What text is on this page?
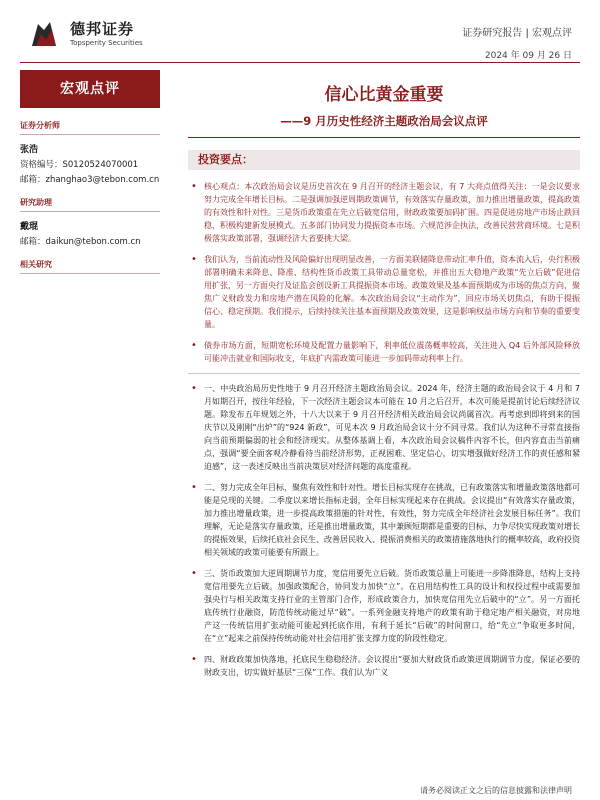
德邦证券
Topsperity Securities
证券研究报告 | 宏观点评
2024 年 09 月 26 日
宏观点评
证券分析师
张浩
资格编号：S0120524070001
邮箱：zhanghao3@tebon.com.cn
研究助理
戴琨
邮箱：daikun@tebon.com.cn
相关研究
信心比黄金重要
——9 月历史性经济主题政治局会议点评
投资要点：
• 核心观点：本次政治局会议是历史首次在 9 月召开的经济主题会议，有 7 大亮点值得关注：一是会议要求努力完成全年增长目标。二是强调加强逆周期政策调节，有效落实存量政策，加力推出增量政策，提高政策的有效性和针对性。三是货币政策重在先立后破宽信用，财政政策要加码扩围。四是促进房地产市场止跌回稳，积极构建新发展模式。五多部门协同发力提振资本市场。六规范涉企执法，改善民营营商环境。七是积极落实政策部署，强调经济大省要挑大梁。
• 我们认为，当前流动性及风险偏好出现明显改善，一方面美联储降息带动汇率升值，资本流入后，央行积极部署明确未来降息、降准、结构性货币政策工具带动总量宽松，并推出五大稳地产政策“先立后破”促进信用扩张，另一方面央行及证监会创设新工具提振资本市场。政策效果及基本面预期成为市场的焦点方向，聚焦广义财政发力和房地产潜在风险的化解。本次政治局会议“主动作为”，回应市场关切焦点，有助于提振信心、稳定预期。我们提示，后续持续关注基本面预期及政策效果，这是影响权益市场方向和节奏的重要变量。
• 债券市场方面，短期宽松环境及配置力量影响下，利率低位震荡概率较高，关注进入 Q4 后外部风险释放可能冲击就业和国际收支，年底扩内需政策可能进一步加码带动利率上行。
• 一、中央政治局历史性地于 9 月召开经济主题政治局会议。2024 年，经济主题的政治局会议于 4 月和 7 月如期召开，按往年经验，下一次经济主题会议本可能在 10 月之后召开，本次可能是提前讨论后续经济议题。除发布五年规划之外，十八大以来于 9 月召开经济相关政治局会议尚属首次。再考虑到即将到来的国庆节以及刚刚“出炉”的“924 新政”，可见本次 9 月政治局会议十分不同寻常。我们认为这种不寻常直接指向当前预期偏弱的社会和经济现实。从整体基调上看，本次政治局会议稿件内容不长，但内容直击当前痛点，强调“要全面客观冷静看待当前经济形势，正视困难、坚定信心，切实增强做好经济工作的责任感和紧迫感”，这一表述反映出当前决策层对经济问题的高度重视。
• 二、努力完成全年目标，聚焦有效性和针对性。增长目标实现存在挑战，已有政策落实和增量政策落地都可能是兑现的关键。二季度以来增长指标走弱，全年目标实现起来存在挑战。会议提出“有效落实存量政策，加力推出增量政策，进一步提高政策措施的针对性、有效性，努力完成全年经济社会发展目标任务”。我们理解，无论是落实存量政策，还是推出增量政策，其中兼顾短期都是重要的目标，力争尽快实现政策对增长的提振效果，后续托底社会民生、改善居民收入、提振消费相关的政策措施落地执行的概率较高，政府投资相关领域的政策可能要有所跟上。
• 三、货币政策加大逆周期调节力度，宽信用要先立后破。货币政策总量上可能进一步降准降息，结构上支持宽信用要先立后破。加强政策配合，协同发力加快“立”。在启用结构性工具的设计和权投过程中或需要加强央行与相关政策支持行业的主管部门合作，形成政策合力，加快宽信用先立后破中的“立”。另一方面托底传统行业融资，防范传统动能过早“破”。一系列金融支持地产的政策有助于稳定地产相关融资，对房地产这一传统信用扩张动能可能起到托底作用，有利于延长“后破”的时间窗口，给“先立”争取更多时间，在“立”起来之前保持传统动能对社会信用扩张支撑力度的阶段性稳定。
• 四、财政政策加快落地，托底民生稳稳经济。会议提出“要加大财政货币政策逆周期调节力度，保证必要的财政支出，切实做好基层“三保”工作。我们认为广义
请务必阅读正文之后的信息披露和法律声明
